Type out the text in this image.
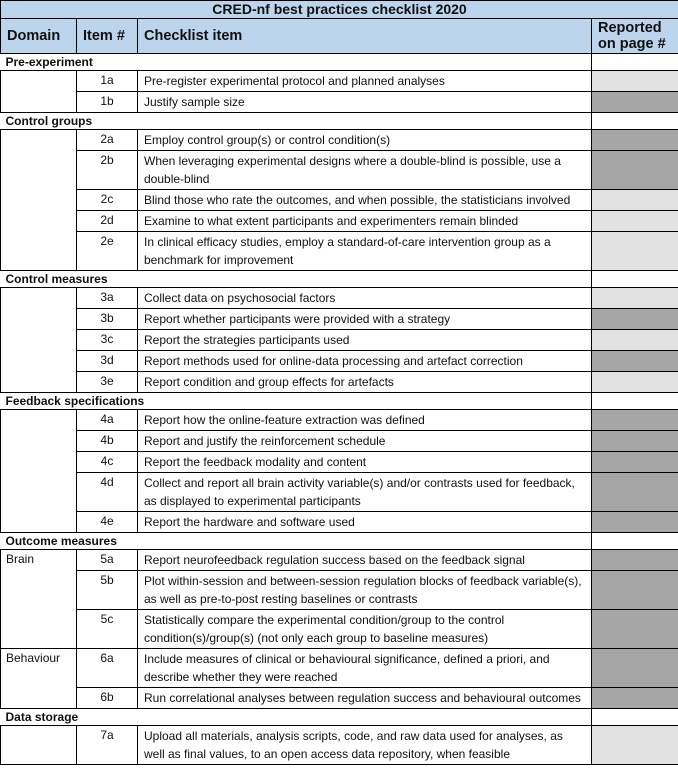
CRED-nf best practices checklist 2020			
Domain	Item #	Checklist item	Reported on page #
Pre-experiment			
	1a	Pre-register experimental protocol and planned analyses	
	1b	Justify sample size	
Control groups			
	2a	Employ control group(s) or control condition(s)	
	2b	When leveraging experimental designs where a double-blind is possible, use a double-blind	
	2c	Blind those who rate the outcomes, and when possible, the statisticians involved	
	2d	Examine to what extent participants and experimenters remain blinded	
	2e	In clinical efficacy studies, employ a standard-of-care intervention group as a benchmark for improvement	
Control measures			
	3a	Collect data on psychosocial factors	
	3b	Report whether participants were provided with a strategy	
	3c	Report the strategies participants used	
	3d	Report methods used for online-data processing and artefact correction	
	3e	Report condition and group effects for artefacts	
Feedback specifications			
	4a	Report how the online-feature extraction was defined	
	4b	Report and justify the reinforcement schedule	
	4c	Report the feedback modality and content	
	4d	Collect and report all brain activity variable(s) and/or contrasts used for feedback, as displayed to experimental participants	
	4e	Report the hardware and software used	
Outcome measures			
Brain	5a	Report neurofeedback regulation success based on the feedback signal	
	5b	Plot within-session and between-session regulation blocks of feedback variable(s), as well as pre-to-post resting baselines or contrasts	
	5c	Statistically compare the experimental condition/group to the control condition(s)/group(s) (not only each group to baseline measures)	
Behaviour	6a	Include measures of clinical or behavioural significance, defined a priori, and describe whether they were reached	
	6b	Run correlational analyses between regulation success and behavioural outcomes	
Data storage			
	7a	Upload all materials, analysis scripts, code, and raw data used for analyses, as well as final values, to an open access data repository, when feasible	
